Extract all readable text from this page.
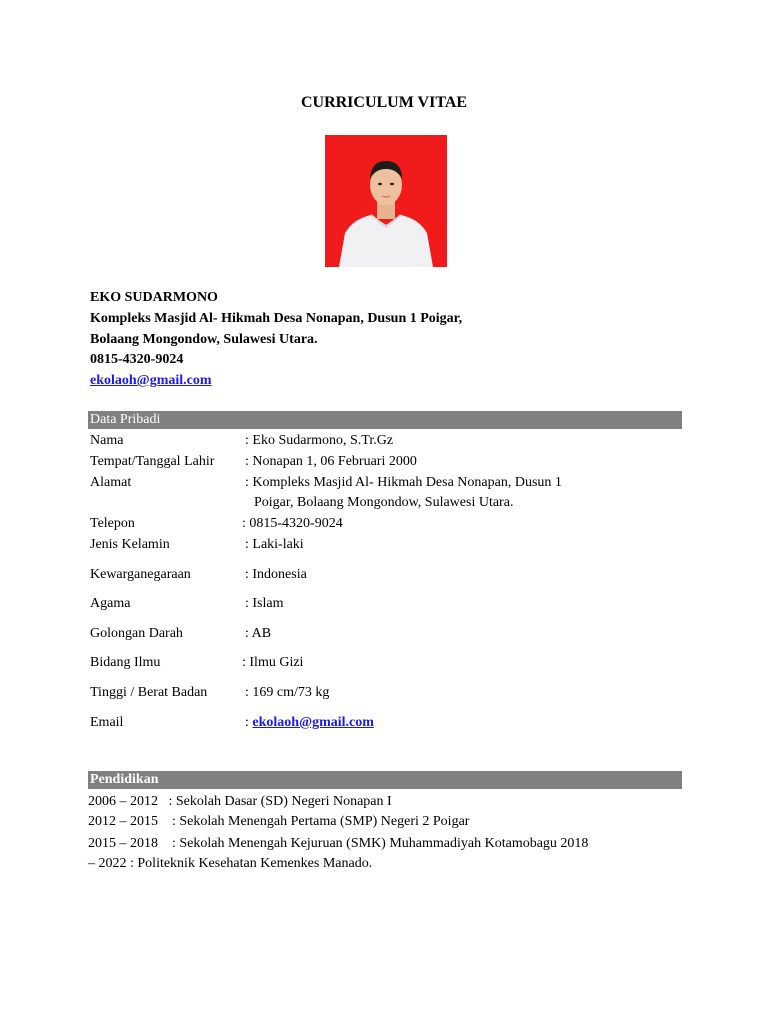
CURRICULUM VITAE
EKO SUDARMONO
Kompleks Masjid Al- Hikmah Desa Nonapan, Dusun 1 Poigar,
Bolaang Mongondow, Sulawesi Utara.
0815-4320-9024
ekolaoh@gmail.com
Data Pribadi
Nama	: Eko Sudarmono, S.Tr.Gz
Tempat/Tanggal Lahir : Nonapan 1, 06 Februari 2000
Alamat	: Kompleks Masjid Al- Hikmah Desa Nonapan, Dusun 1
Poigar, Bolaang Mongondow, Sulawesi Utara.
Telepon	: 0815-4320-9024
Jenis Kelamin	: Laki-laki
Kewarganegaraan	: Indonesia
Agama	: Islam
Golongan Darah	: AB
Bidang Ilmu	: Ilmu Gizi
Tinggi / Berat Badan	: 169 cm/73 kg
Email	: ekolaoh@gmail.com
Pendidikan
2006 – 2012   : Sekolah Dasar (SD) Negeri Nonapan I
2012 – 2015    : Sekolah Menengah Pertama (SMP) Negeri 2 Poigar
2015 – 2018    : Sekolah Menengah Kejuruan (SMK) Muhammadiyah Kotamobagu 2018
– 2022 : Politeknik Kesehatan Kemenkes Manado.
